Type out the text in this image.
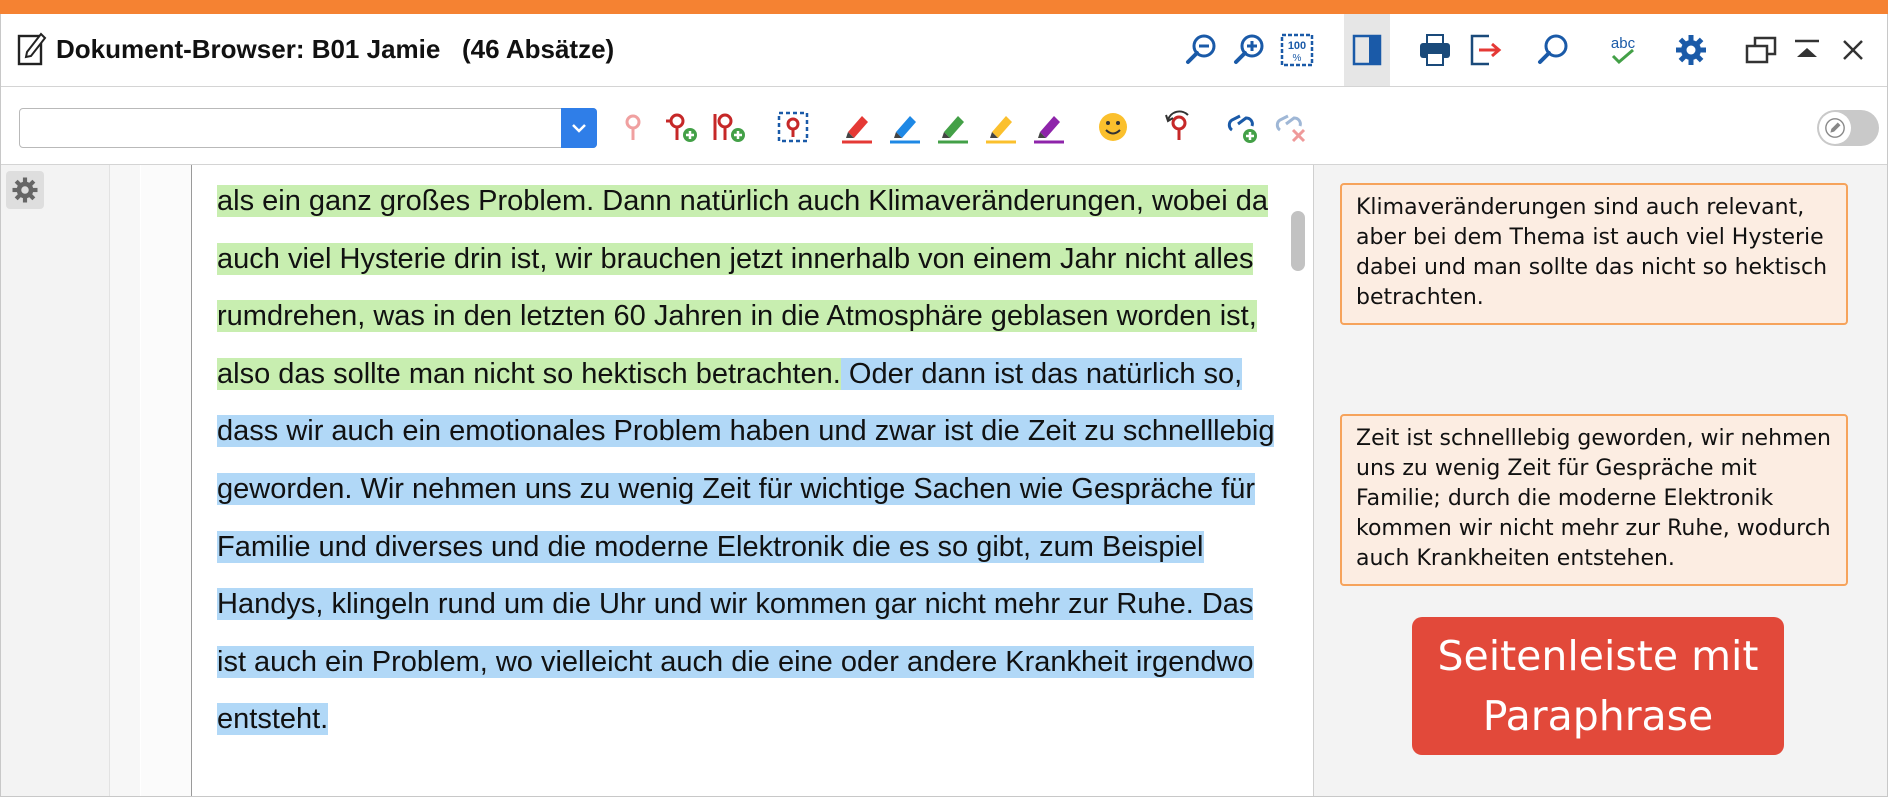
Dokument-Browser: B01 Jamie   (46 Absätze)	100
%
abc
als ein ganz großes Problem. Dann natürlich auch Klimaveränderungen, wobei da auch viel Hysterie drin ist, wir brauchen jetzt innerhalb von einem Jahr nicht alles rumdrehen, was in den letzten 60 Jahren in die Atmosphäre geblasen worden ist, also das sollte man nicht so hektisch betrachten. Oder dann ist das natürlich so, dass wir auch ein emotionales Problem haben und zwar ist die Zeit zu schnelllebig geworden. Wir nehmen uns zu wenig Zeit für wichtige Sachen wie Gespräche für Familie und diverses und die moderne Elektronik die es so gibt, zum Beispiel Handys, klingeln rund um die Uhr und wir kommen gar nicht mehr zur Ruhe. Das ist auch ein Problem, wo vielleicht auch die eine oder andere Krankheit irgendwo entsteht.
Klimaveränderungen sind auch relevant, aber bei dem Thema ist auch viel Hysterie dabei und man sollte das nicht so hektisch betrachten.
Zeit ist schnelllebig geworden, wir nehmen uns zu wenig Zeit für Gespräche mit Familie; durch die moderne Elektronik kommen wir nicht mehr zur Ruhe, wodurch auch Krankheiten entstehen.
Seitenleiste mit Paraphrase
